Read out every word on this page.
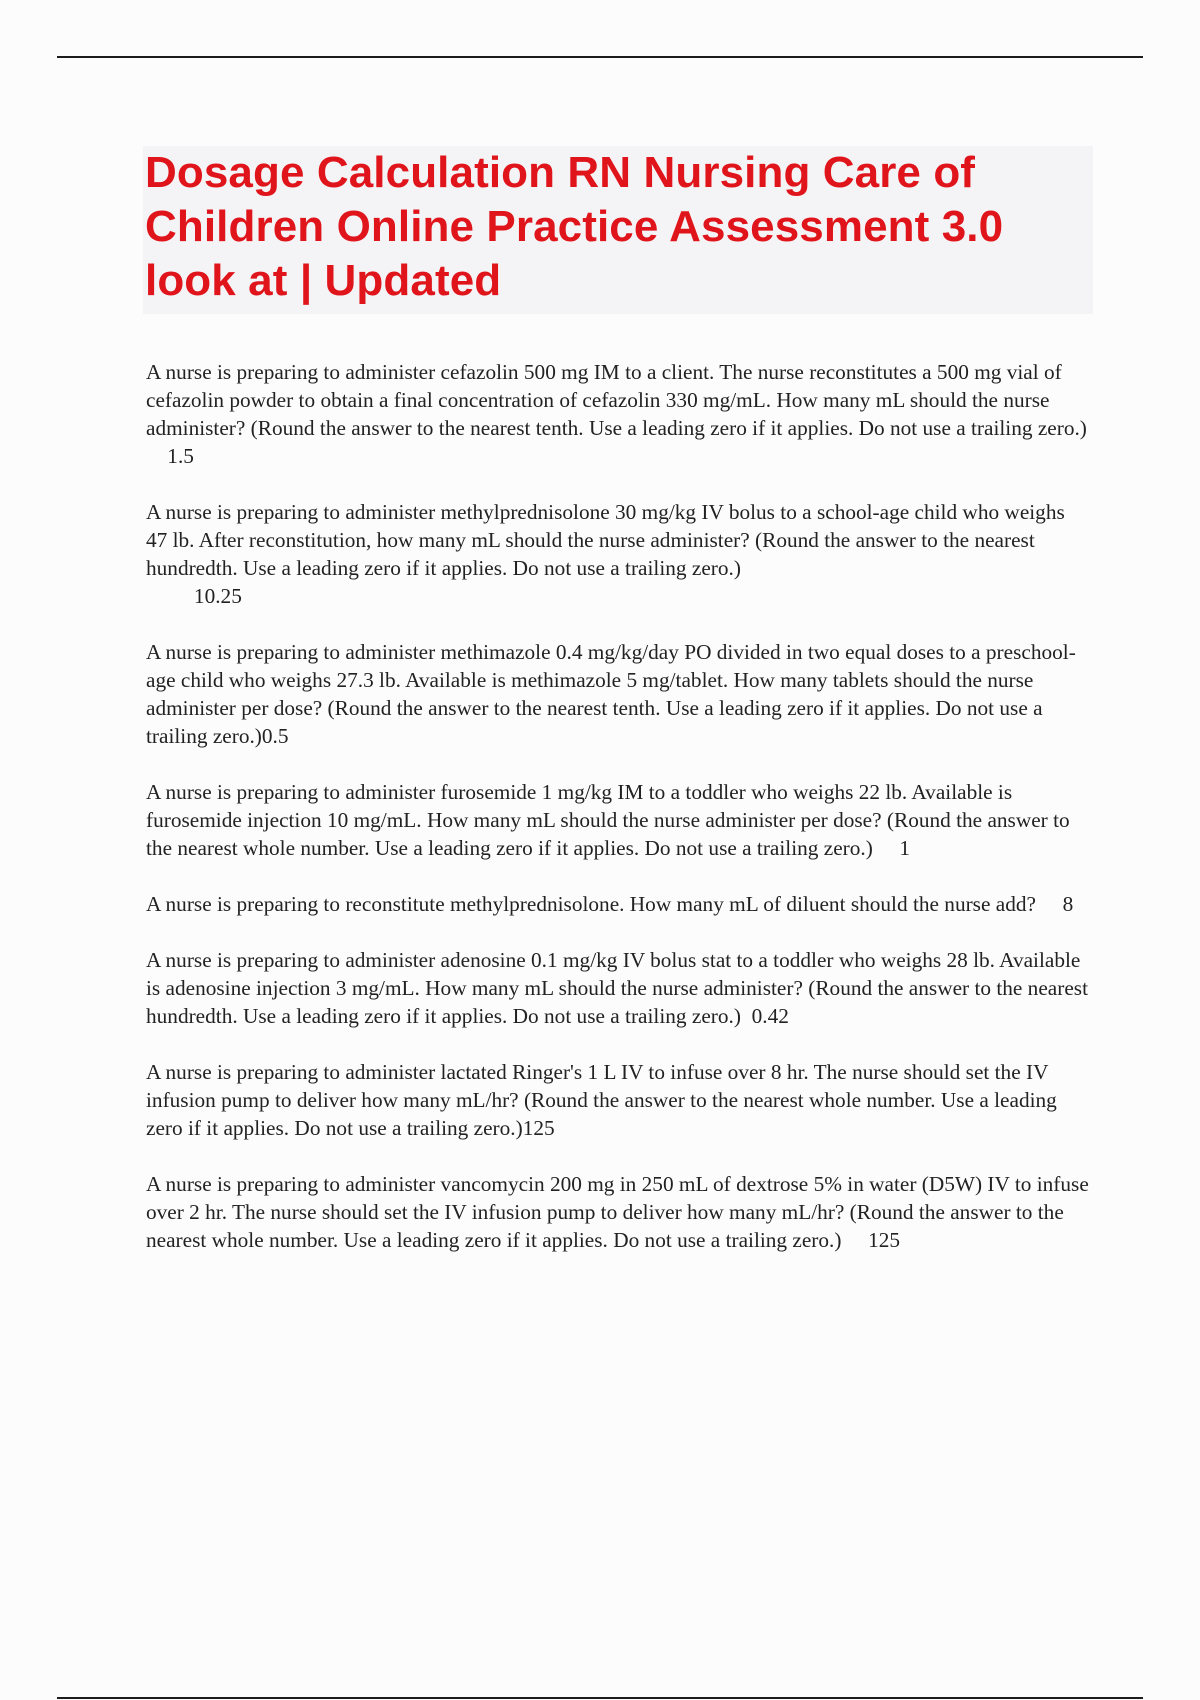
Dosage Calculation RN Nursing Care of Children Online Practice Assessment 3.0 look at | Updated

A nurse is preparing to administer cefazolin 500 mg IM to a client. The nurse reconstitutes a 500 mg vial of cefazolin powder to obtain a final concentration of cefazolin 330 mg/mL. How many mL should the nurse administer? (Round the answer to the nearest tenth. Use a leading zero if it applies. Do not use a trailing zero.)    1.5

A nurse is preparing to administer methylprednisolone 30 mg/kg IV bolus to a school-age child who weighs 47 lb. After reconstitution, how many mL should the nurse administer? (Round the answer to the nearest hundredth. Use a leading zero if it applies. Do not use a trailing zero.)
10.25

A nurse is preparing to administer methimazole 0.4 mg/kg/day PO divided in two equal doses to a preschool-age child who weighs 27.3 lb. Available is methimazole 5 mg/tablet. How many tablets should the nurse administer per dose? (Round the answer to the nearest tenth. Use a leading zero if it applies. Do not use a trailing zero.)0.5

A nurse is preparing to administer furosemide 1 mg/kg IM to a toddler who weighs 22 lb. Available is furosemide injection 10 mg/mL. How many mL should the nurse administer per dose? (Round the answer to the nearest whole number. Use a leading zero if it applies. Do not use a trailing zero.)     1

A nurse is preparing to reconstitute methylprednisolone. How many mL of diluent should the nurse add?     8

A nurse is preparing to administer adenosine 0.1 mg/kg IV bolus stat to a toddler who weighs 28 lb. Available is adenosine injection 3 mg/mL. How many mL should the nurse administer? (Round the answer to the nearest hundredth. Use a leading zero if it applies. Do not use a trailing zero.)  0.42

A nurse is preparing to administer lactated Ringer's 1 L IV to infuse over 8 hr. The nurse should set the IV infusion pump to deliver how many mL/hr? (Round the answer to the nearest whole number. Use a leading zero if it applies. Do not use a trailing zero.)125

A nurse is preparing to administer vancomycin 200 mg in 250 mL of dextrose 5% in water (D5W) IV to infuse over 2 hr. The nurse should set the IV infusion pump to deliver how many mL/hr? (Round the answer to the nearest whole number. Use a leading zero if it applies. Do not use a trailing zero.)     125
